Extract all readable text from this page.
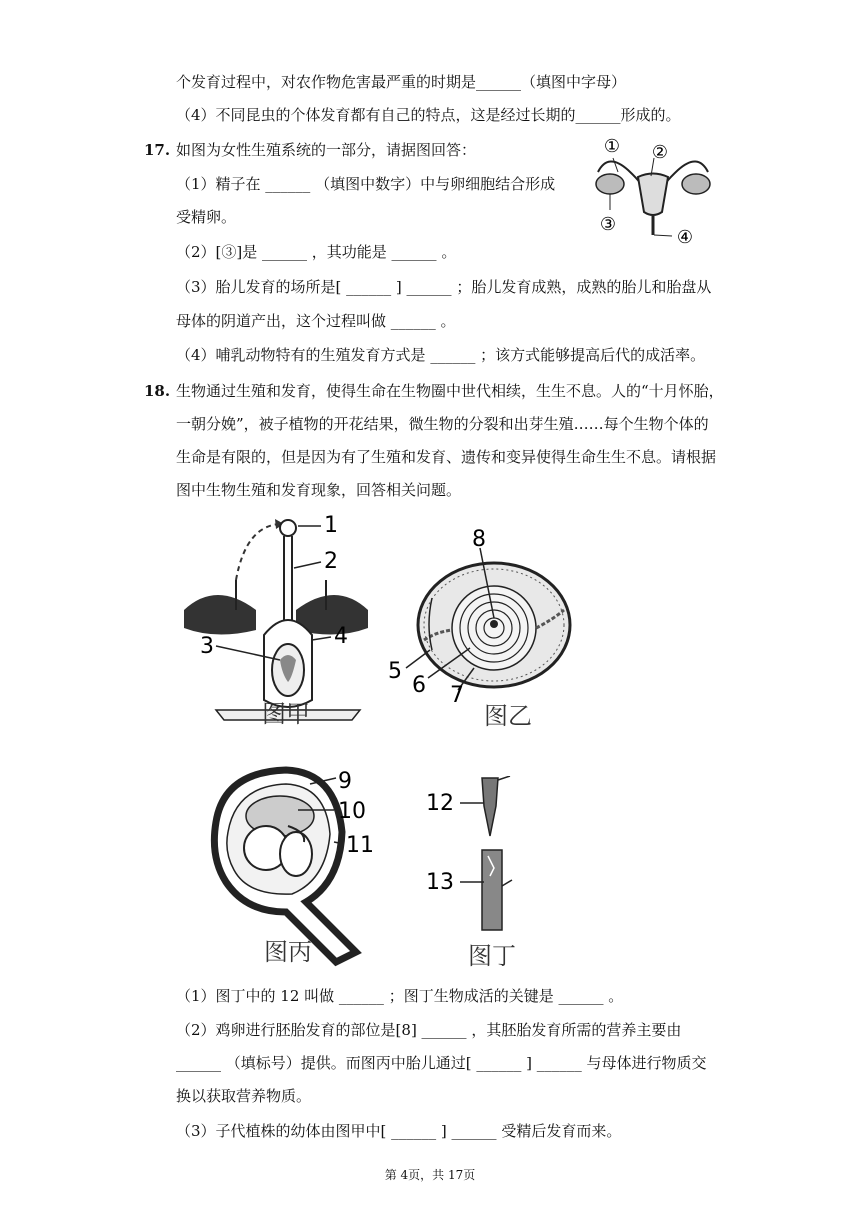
个发育过程中，对农作物危害最严重的时期是______（填图中字母）
（4）不同昆虫的个体发育都有自己的特点，这是经过长期的______形成的。
17. 如图为女性生殖系统的一部分，请据图回答：
（1）精子在 ______ （填图中数字）中与卵细胞结合形成
受精卵。
（2）[③]是 ______ ，其功能是 ______ 。
（3）胎儿发育的场所是[ ______ ] ______ ；胎儿发育成熟，成熟的胎儿和胎盘从
母体的阴道产出，这个过程叫做 ______ 。
（4）哺乳动物特有的生殖发育方式是 ______ ；该方式能够提高后代的成活率。
① ②
③
④
18. 生物通过生殖和发育，使得生命在生物圈中世代相续，生生不息。人的“十月怀胎，
一朝分娩”，被子植物的开花结果，微生物的分裂和出芽生殖……每个生物个体的
生命是有限的，但是因为有了生殖和发育、遗传和变异使得生命生生不息。请根据
图中生物生殖和发育现象，回答相关问题。
1
2
3	4
图甲
8
5
6 7
图乙
9
10
11
图丙
12
13
图丁
（1）图丁中的 12 叫做 ______ ；图丁生物成活的关键是 ______ 。
（2）鸡卵进行胚胎发育的部位是[8] ______ ，其胚胎发育所需的营养主要由
______ （填标号）提供。而图丙中胎儿通过[ ______ ] ______ 与母体进行物质交
换以获取营养物质。
（3）子代植株的幼体由图甲中[ ______ ] ______ 受精后发育而来。
第 4页，共 17页
